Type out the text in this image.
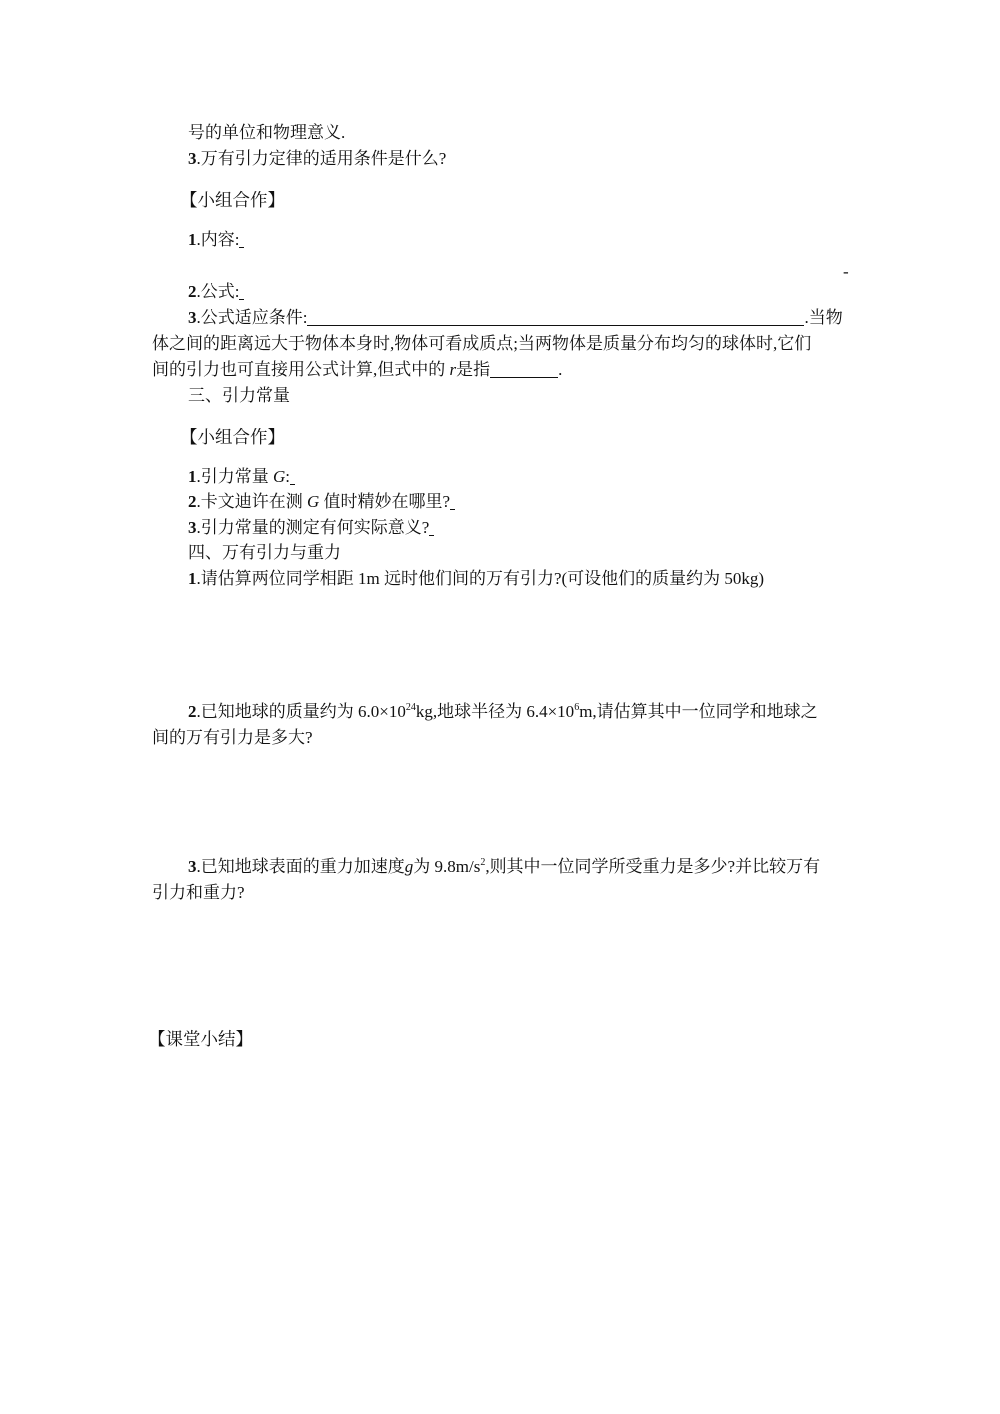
号的单位和物理意义.
3.万有引力定律的适用条件是什么?
【小组合作】
1.内容:
-
2.公式:
3.公式适应条件:	.当物
体之间的距离远大于物体本身时,物体可看成质点;当两物体是质量分布均匀的球体时,它们
间的引力也可直接用公式计算,但式中的 r是指	.
三、引力常量
【小组合作】
1.引力常量 G:
2.卡文迪许在测 G 值时精妙在哪里?
3.引力常量的测定有何实际意义?
四、万有引力与重力
1.请估算两位同学相距 1m 远时他们间的万有引力?(可设他们的质量约为 50kg)
2.已知地球的质量约为 $6.0\times 10^{24}kg$,地球半径为 $6.4\times 10^6m$,请估算其中一位同学和地球之
间的万有引力是多大?
3.已知地球表面的重力加速度g为 $9.8m/s^2$,则其中一位同学所受重力是多少?并比较万有
引力和重力?
【课堂小结】
